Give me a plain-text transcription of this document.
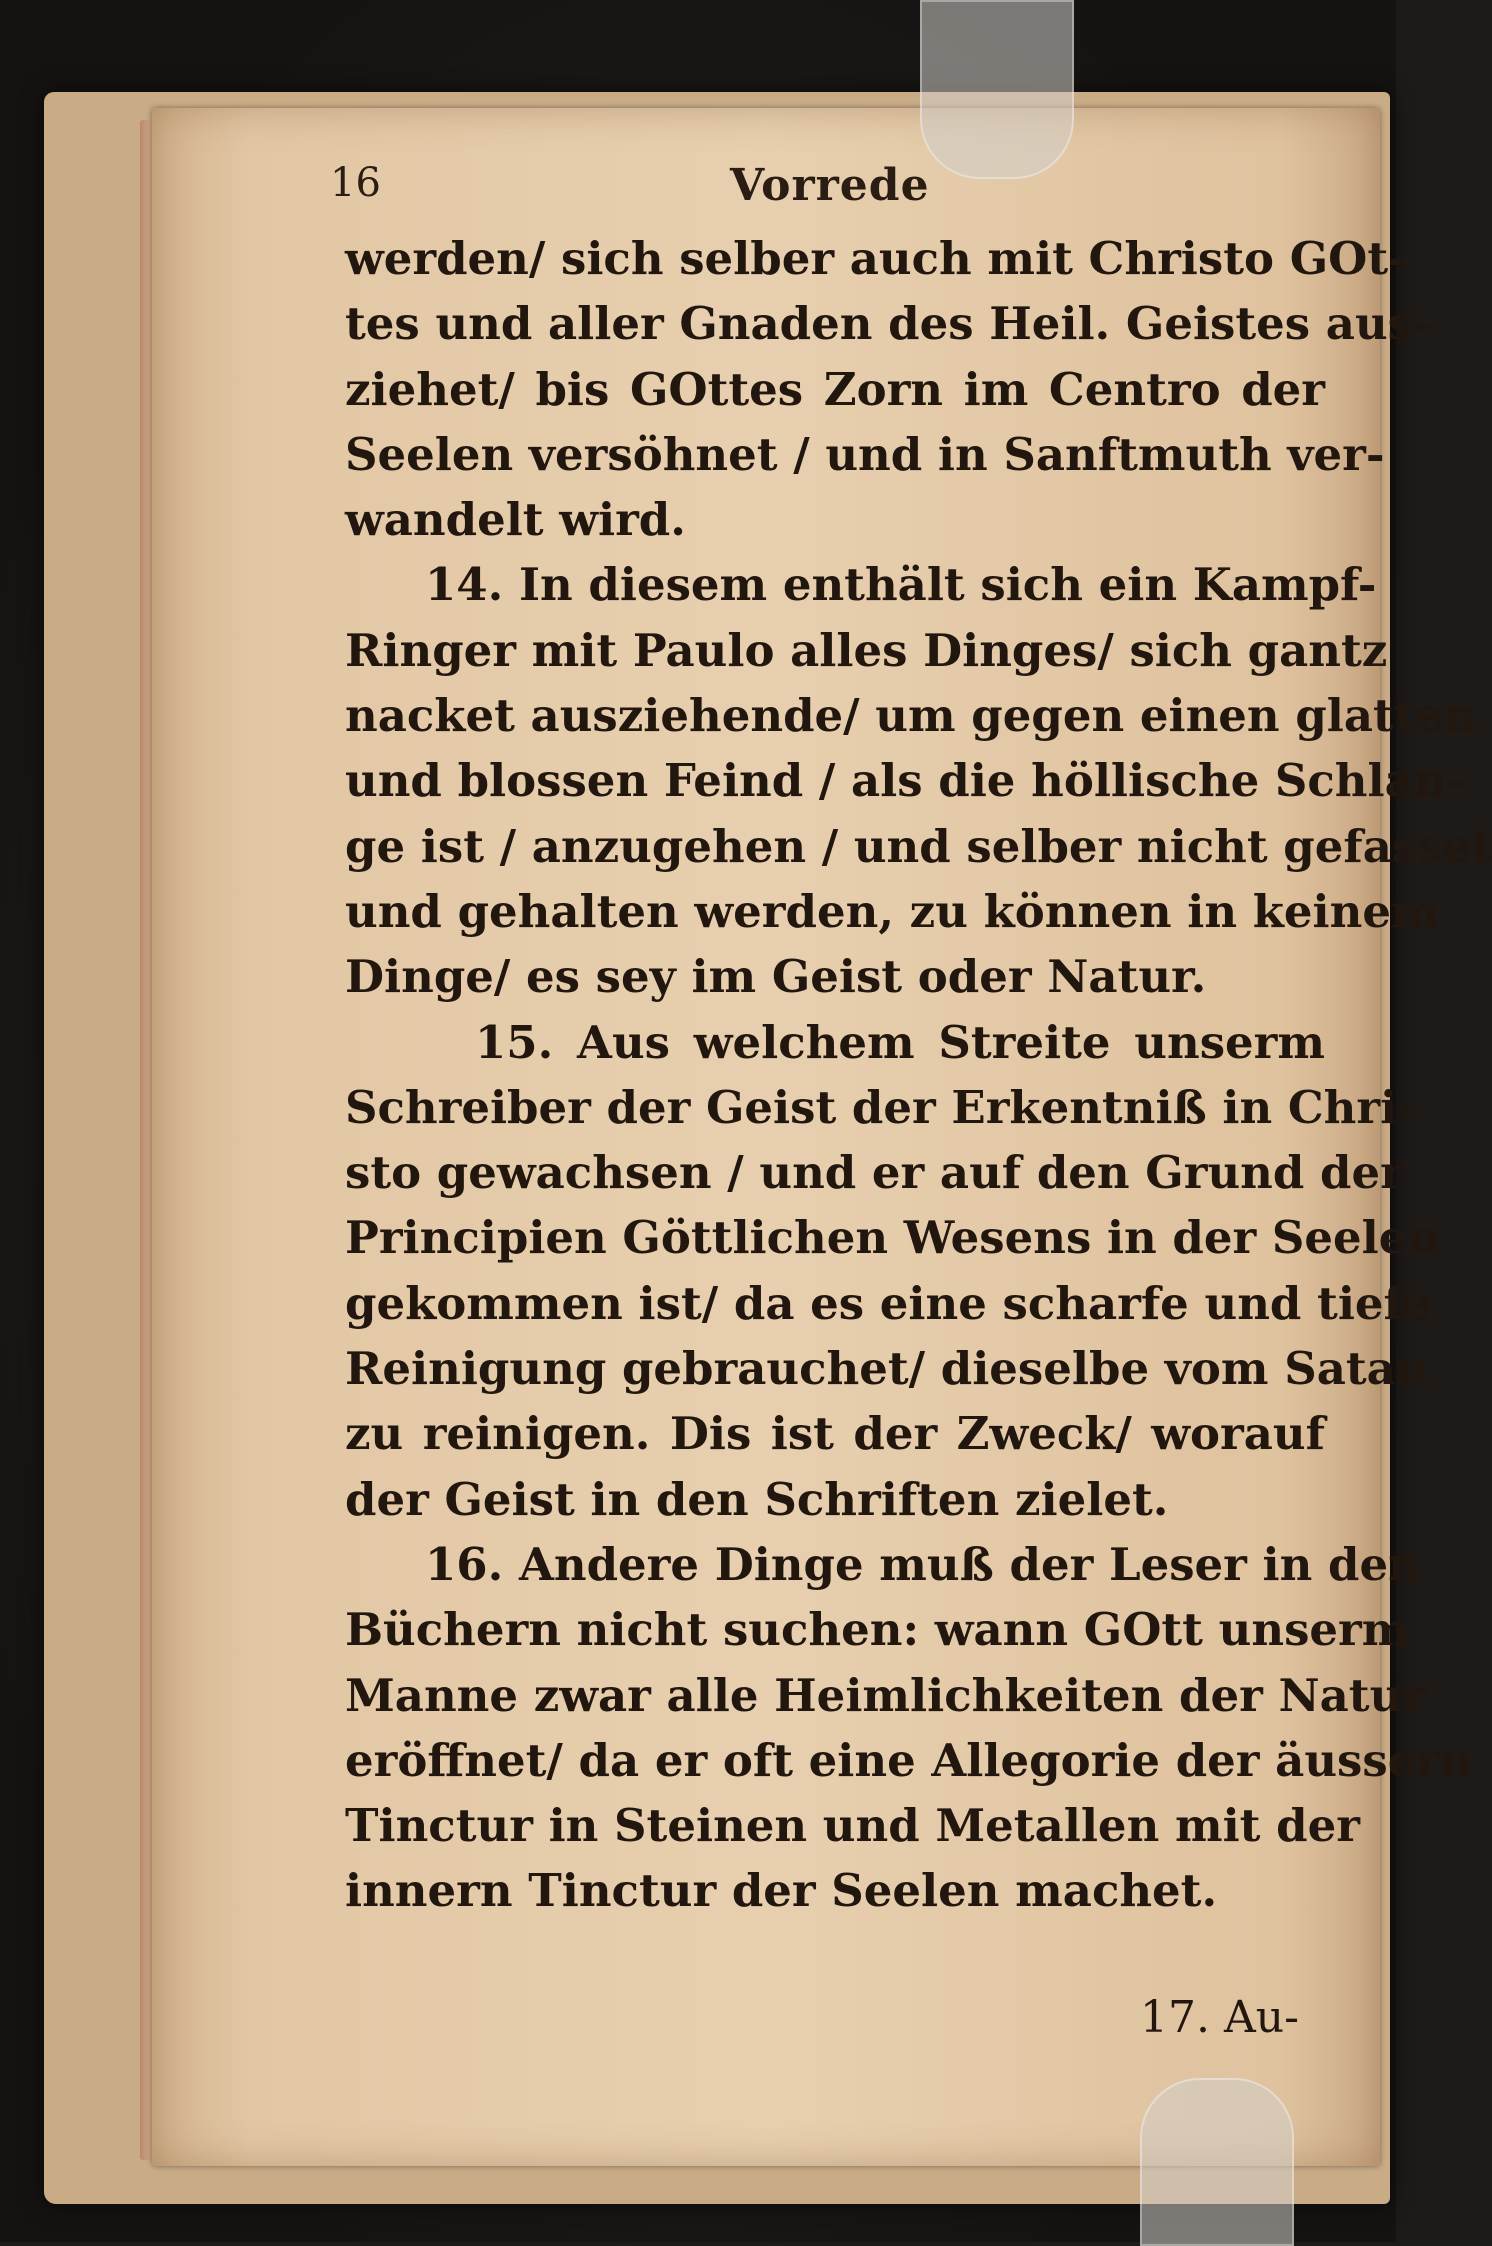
16	Vorrede
werden/ sich selber auch mit Christo GOt-
tes und aller Gnaden des Heil. Geistes aus-
ziehet/ bis GOttes Zorn im Centro der
Seelen versöhnet / und in Sanftmuth ver-
wandelt wird.
14. In diesem enthält sich ein Kampf-
Ringer mit Paulo alles Dinges/ sich gantz
nacket ausziehende/ um gegen einen glatten
und blossen Feind / als die höllische Schlan-
ge ist / anzugehen / und selber nicht gefasset
und gehalten werden, zu können in keinem
Dinge/ es sey im Geist oder Natur.
15. Aus welchem Streite unserm
Schreiber der Geist der Erkentniß in Chri-
sto gewachsen / und er auf den Grund der
Principien Göttlichen Wesens in der Seelen
gekommen ist/ da es eine scharfe und tiefe
Reinigung gebrauchet/ dieselbe vom Satan
zu reinigen. Dis ist der Zweck/ worauf
der Geist in den Schriften zielet.
16. Andere Dinge muß der Leser in den
Büchern nicht suchen: wann GOtt unserm
Manne zwar alle Heimlichkeiten der Natur
eröffnet/ da er oft eine Allegorie der äussern
Tinctur in Steinen und Metallen mit der
innern Tinctur der Seelen machet.
17. Au-
